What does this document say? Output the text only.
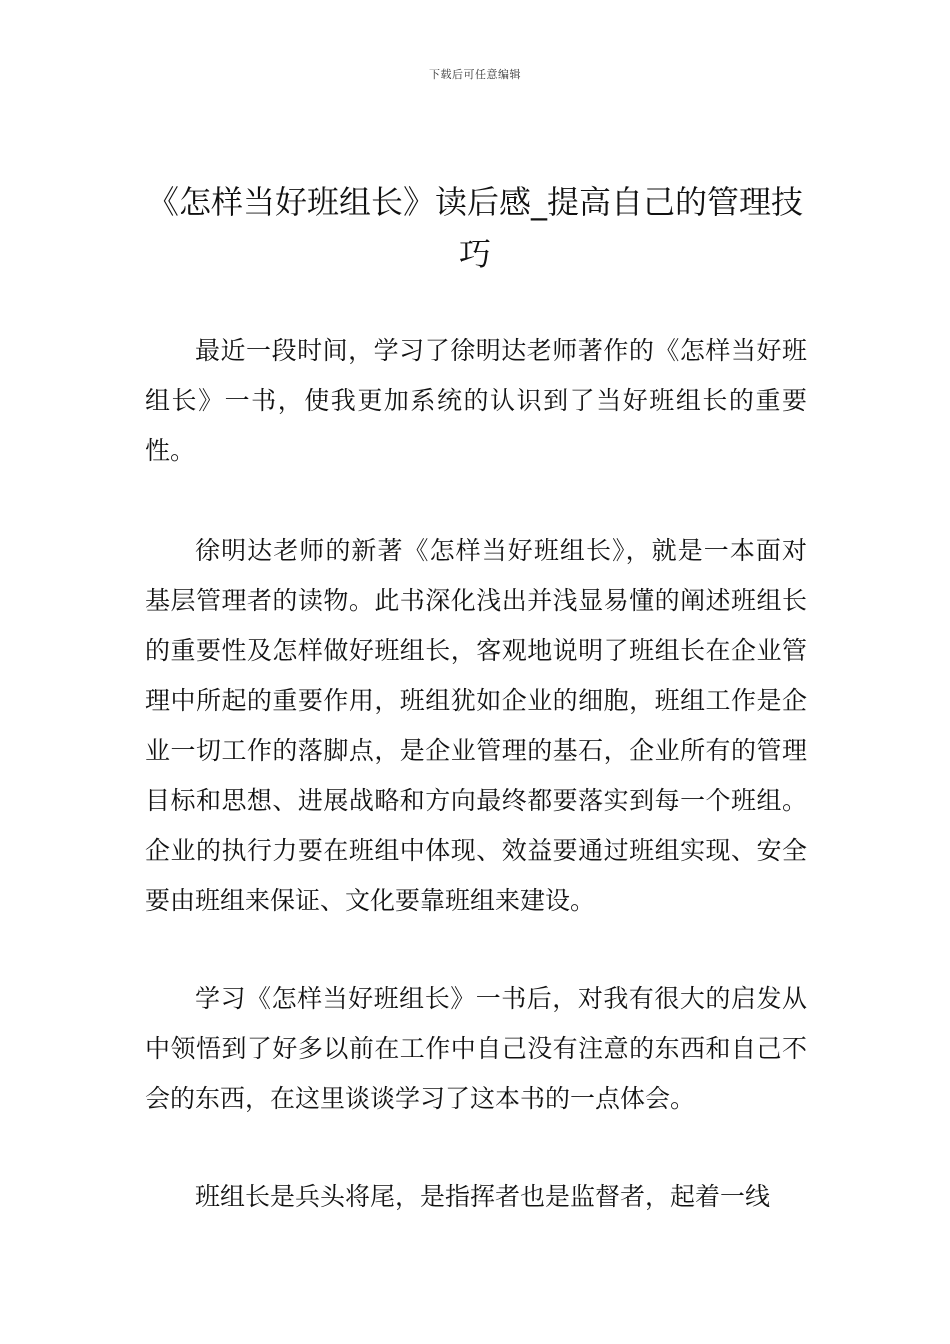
下载后可任意编辑
《怎样当好班组长》读后感_提高自己的管理技巧

最近一段时间，学习了徐明达老师著作的《怎样当好班组长》一书，使我更加系统的认识到了当好班组长的重要性。

徐明达老师的新著《怎样当好班组长》，就是一本面对基层管理者的读物。此书深化浅出并浅显易懂的阐述班组长的重要性及怎样做好班组长，客观地说明了班组长在企业管理中所起的重要作用，班组犹如企业的细胞，班组工作是企业一切工作的落脚点，是企业管理的基石，企业所有的管理目标和思想、进展战略和方向最终都要落实到每一个班组。企业的执行力要在班组中体现、效益要通过班组实现、安全要由班组来保证、文化要靠班组来建设。

学习《怎样当好班组长》一书后，对我有很大的启发从中领悟到了好多以前在工作中自己没有注意的东西和自己不会的东西，在这里谈谈学习了这本书的一点体会。

班组长是兵头将尾，是指挥者也是监督者，起着一线
